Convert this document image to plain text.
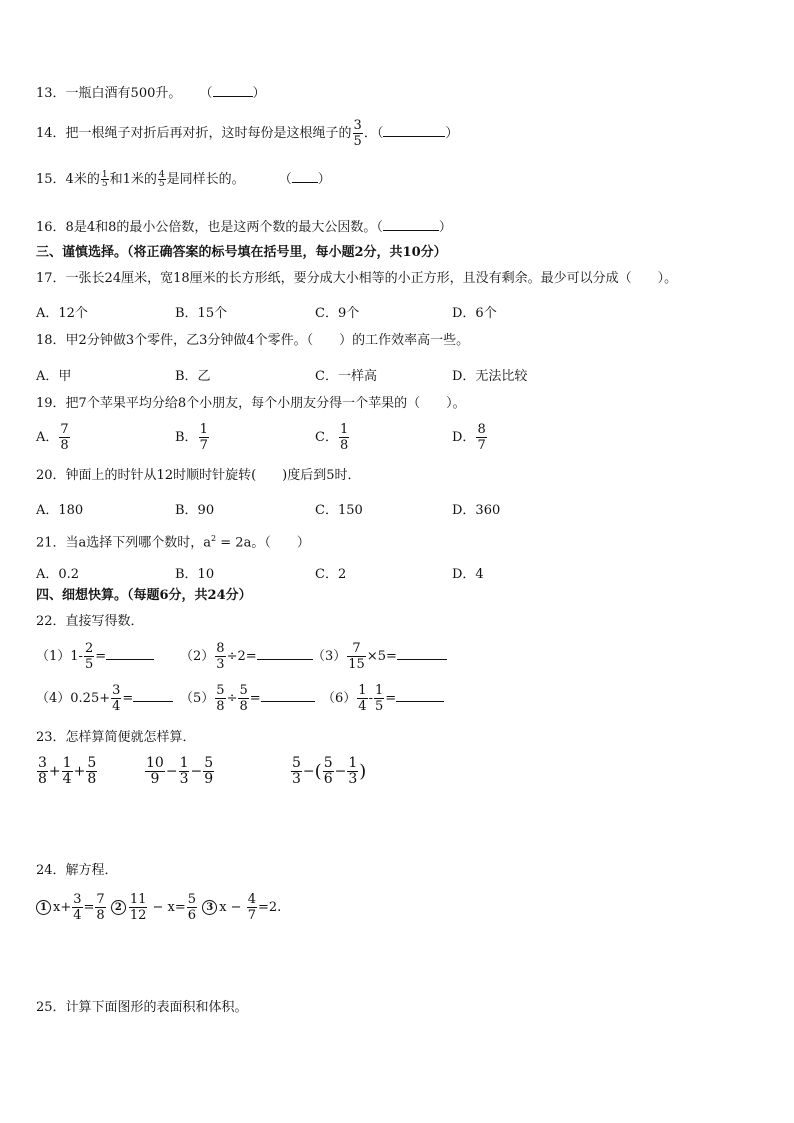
13．一瓶白酒有500升。 （	）
14．把一根绳子对折后再对折，这时每份是这根绳子的 $\frac{3}{5}$ ．（	）
15．4米的 $\frac{1}{5}$ 和1米的 $\frac{4}{5}$ 是同样长的。	（ ）
16．8是4和8的最小公倍数，也是这两个数的最大公因数。（	）
三、谨慎选择。（将正确答案的标号填在括号里，每小题2分，共10分）
17．一张长24厘米，宽18厘米的长方形纸，要分成大小相等的小正方形，且没有剩余。最少可以分成（　　）。
A．12个	B．15个	C．9个	D．6个
18．甲2分钟做3个零件，乙3分钟做4个零件。（　　）的工作效率高一些。
A．甲	B．乙	C．一样高	D．无法比较
19．把7个苹果平均分给8个小朋友，每个小朋友分得一个苹果的（　　）。
A． $\frac{7}{8}$	B． $\frac{1}{7}$	C． $\frac{1}{8}$	D． $\frac{8}{7}$
20．钟面上的时针从12时顺时针旋转(　　)度后到5时．
A．180	B．90	C．150	D．360
21．当a选择下列哪个数时，$a^2 = 2a$。（　　）
A．0.2	B．10	C．2	D．4
四、细想快算。（每题6分，共24分）
22．直接写得数．
$(1)1- \frac{2}{5}$ =	$(2) \frac{8}{3} \div 2=$	$(3) \frac{7}{15} \times 5=$
$(4)0.25+ \frac{3}{4}$ =	$(5) \frac{5}{8} \div \frac{5}{8}$ =	$(6) \frac{1}{4} - \frac{1}{5}$ =
23．怎样算简便就怎样算．
$\frac{3}{8} + \frac{1}{4} + \frac{5}{8}$	$\frac{10}{9} - \frac{1}{3} - \frac{5}{9}$	$\frac{5}{3}$ −( $\frac{5}{6} - \frac{1}{3}$ )
24．解方程．
1 $x+ \frac{3}{4} = \frac{7}{8} 2 \frac{11}{12} - x= \frac{5}{6} 3$ $x - \frac{4}{7} =2$.
25．计算下面图形的表面积和体积。
